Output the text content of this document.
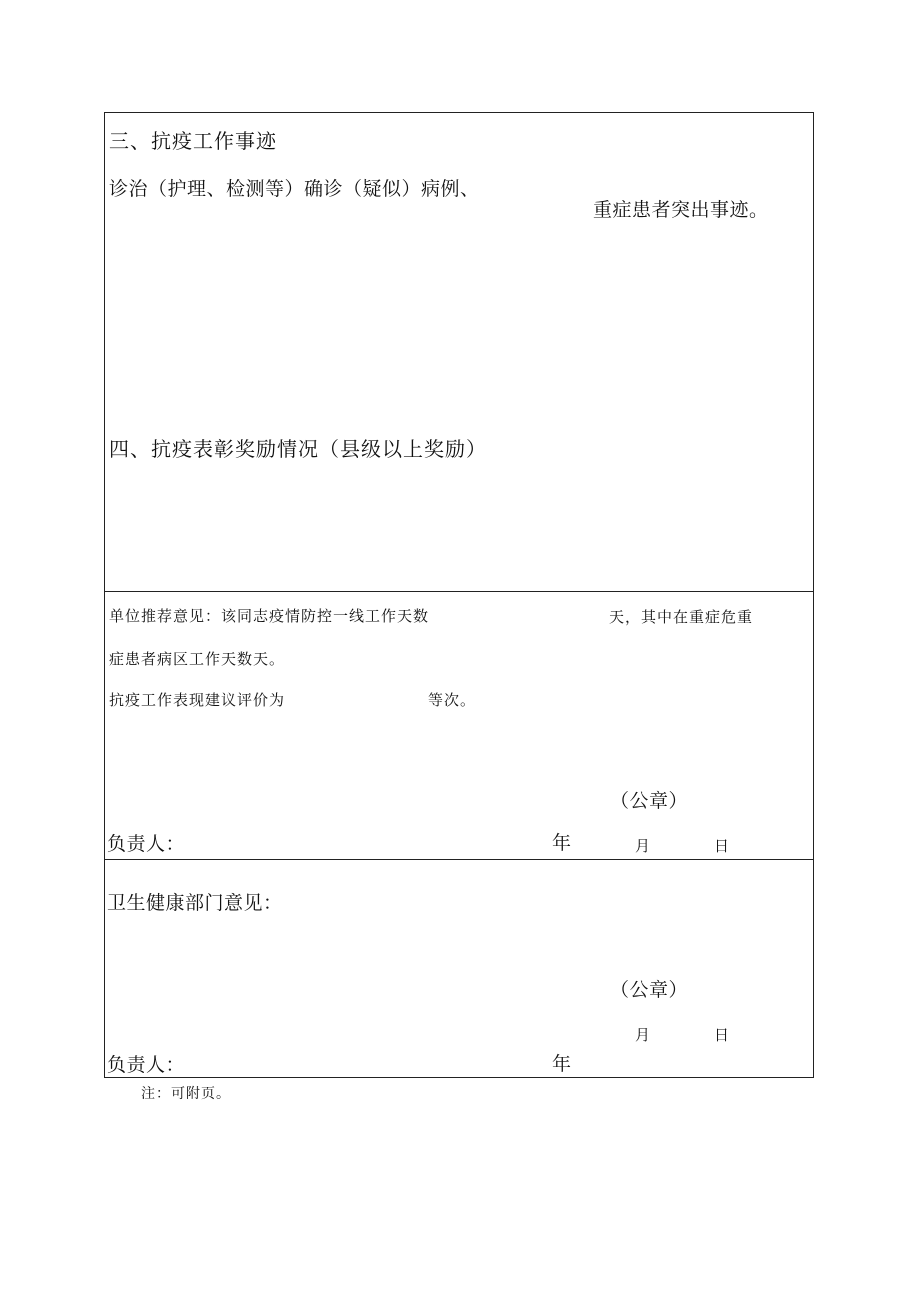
三、抗疫工作事迹
诊治（护理、检测等）确诊（疑似）病例、
重症患者突出事迹。
四、抗疫表彰奖励情况（县级以上奖励）
单位推荐意见：该同志疫情防控一线工作天数	天，其中在重症危重
症患者病区工作天数天。
抗疫工作表现建议评价为	等次。
（公章）
负责人：	年	月	日
卫生健康部门意见：
（公章）
月	日
负责人：	年
注：可附页。
